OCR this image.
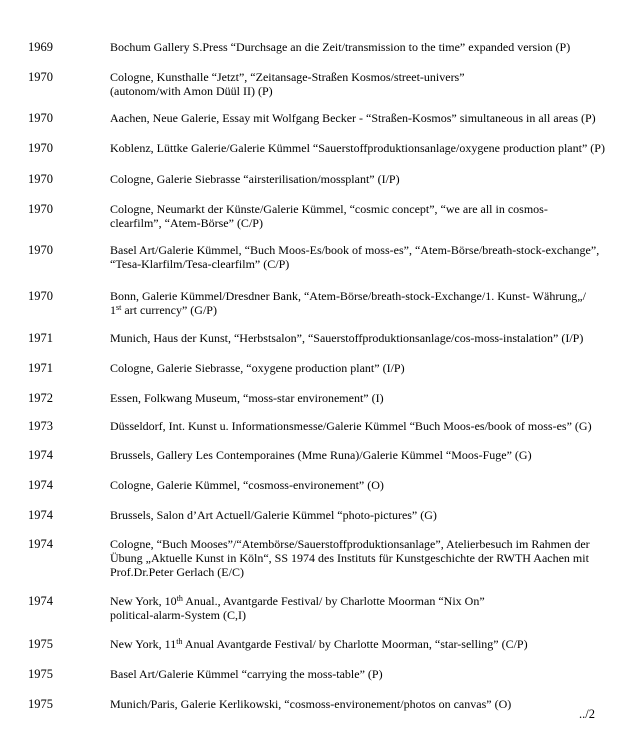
1969	Bochum Gallery S.Press “Durchsage an die Zeit/transmission to the time” expanded version (P)
1970	Cologne, Kunsthalle “Jetzt”, “Zeitansage-Straßen Kosmos/street-univers”
(autonom/with Amon Düül II) (P)
1970	Aachen, Neue Galerie, Essay mit Wolfgang Becker - “Straßen-Kosmos” simultaneous in all areas (P)
1970	Koblenz, Lüttke Galerie/Galerie Kümmel “Sauerstoffproduktionsanlage/oxygene production plant” (P)
1970	Cologne, Galerie Siebrasse “airsterilisation/mossplant” (I/P)
1970	Cologne, Neumarkt der Künste/Galerie Kümmel, “cosmic concept”, “we are all in cosmos-
clearfilm”, “Atem-Börse” (C/P)
1970	Basel Art/Galerie Kümmel, “Buch Moos-Es/book of moss-es”, “Atem-Börse/breath-stock-exchange”,
“Tesa-Klarfilm/Tesa-clearfilm” (C/P)
1970	Bonn, Galerie Kümmel/Dresdner Bank, “Atem-Börse/breath-stock-Exchange/1. Kunst- Währung„/
1st art currency” (G/P)
1971	Munich, Haus der Kunst, “Herbstsalon”, “Sauerstoffproduktionsanlage/cos-moss-instalation” (I/P)
1971	Cologne, Galerie Siebrasse, “oxygene production plant” (I/P)
1972	Essen, Folkwang Museum, “moss-star environement” (I)
1973	Düsseldorf, Int. Kunst u. Informationsmesse/Galerie Kümmel “Buch Moos-es/book of moss-es” (G)
1974	Brussels, Gallery Les Contemporaines (Mme Runa)/Galerie Kümmel “Moos-Fuge” (G)
1974	Cologne, Galerie Kümmel, “cosmoss-environement” (O)
1974	Brussels, Salon d’Art Actuell/Galerie Kümmel “photo-pictures” (G)
1974	Cologne, “Buch Mooses”/“Atembörse/Sauerstoffproduktionsanlage”, Atelierbesuch im Rahmen der
Übung „Aktuelle Kunst in Köln“, SS 1974 des Instituts für Kunstgeschichte der RWTH Aachen mit
Prof.Dr.Peter Gerlach (E/C)
1974	New York, 10th Anual., Avantgarde Festival/ by Charlotte Moorman “Nix On”
political-alarm-System (C,I)
1975	New York, 11th Anual Avantgarde Festival/ by Charlotte Moorman, “star-selling” (C/P)
1975	Basel Art/Galerie Kümmel “carrying the moss-table” (P)
1975	Munich/Paris, Galerie Kerlikowski, “cosmoss-environement/photos on canvas” (O)
../2
